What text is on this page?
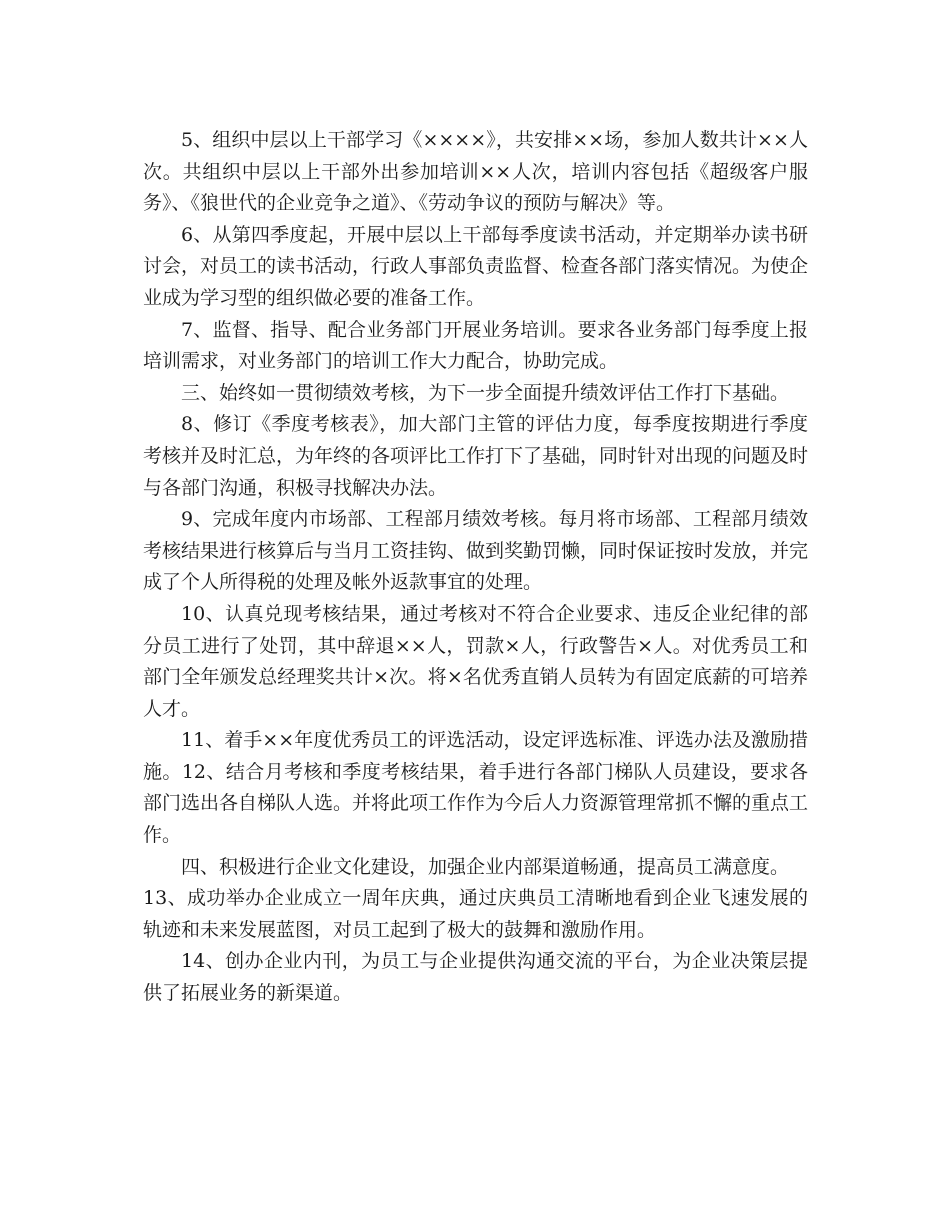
5、组织中层以上干部学习《××××》，共安排××场，参加人数共计××人次。共组织中层以上干部外出参加培训××人次，培训内容包括《超级客户服务》、《狼世代的企业竞争之道》、《劳动争议的预防与解决》等。

6、从第四季度起，开展中层以上干部每季度读书活动，并定期举办读书研讨会，对员工的读书活动，行政人事部负责监督、检查各部门落实情况。为使企业成为学习型的组织做必要的准备工作。

7、监督、指导、配合业务部门开展业务培训。要求各业务部门每季度上报培训需求，对业务部门的培训工作大力配合，协助完成。

三、始终如一贯彻绩效考核，为下一步全面提升绩效评估工作打下基础。

8、修订《季度考核表》，加大部门主管的评估力度，每季度按期进行季度考核并及时汇总，为年终的各项评比工作打下了基础，同时针对出现的问题及时与各部门沟通，积极寻找解决办法。

9、完成年度内市场部、工程部月绩效考核。每月将市场部、工程部月绩效考核结果进行核算后与当月工资挂钩、做到奖勤罚懒，同时保证按时发放，并完成了个人所得税的处理及帐外返款事宜的处理。

10、认真兑现考核结果，通过考核对不符合企业要求、违反企业纪律的部分员工进行了处罚，其中辞退××人，罚款×人，行政警告×人。对优秀员工和部门全年颁发总经理奖共计×次。将×名优秀直销人员转为有固定底薪的可培养人才。

11、着手××年度优秀员工的评选活动，设定评选标准、评选办法及激励措施。12、结合月考核和季度考核结果，着手进行各部门梯队人员建设，要求各部门选出各自梯队人选。并将此项工作作为今后人力资源管理常抓不懈的重点工作。

四、积极进行企业文化建设，加强企业内部渠道畅通，提高员工满意度。

13、成功举办企业成立一周年庆典，通过庆典员工清晰地看到企业飞速发展的轨迹和未来发展蓝图，对员工起到了极大的鼓舞和激励作用。

14、创办企业内刊，为员工与企业提供沟通交流的平台，为企业决策层提供了拓展业务的新渠道。
